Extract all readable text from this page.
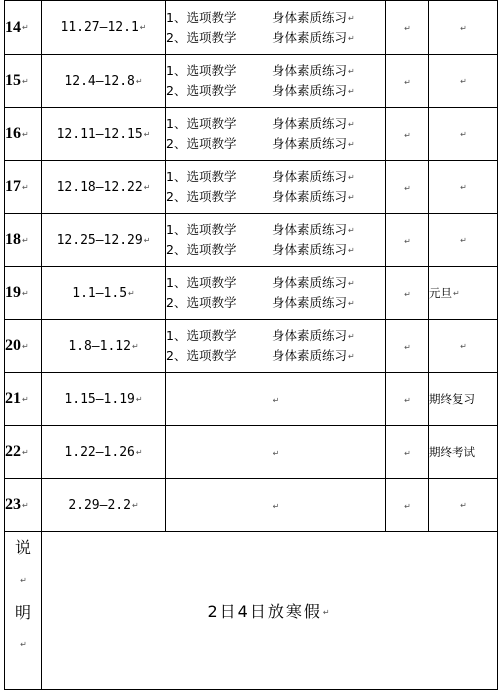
14↵	11.27—12.1↵	1、选项教学 身体素质练习↵
2、选项教学 身体素质练习↵	↵	↵
15↵	12.4—12.8↵	1、选项教学 身体素质练习↵
2、选项教学 身体素质练习↵	↵	↵
16↵	12.11—12.15↵	1、选项教学 身体素质练习↵
2、选项教学 身体素质练习↵	↵	↵
17↵	12.18—12.22↵	1、选项教学 身体素质练习↵
2、选项教学 身体素质练习↵	↵	↵
18↵	12.25—12.29↵	1、选项教学 身体素质练习↵
2、选项教学 身体素质练习↵	↵	↵
19↵	1.1—1.5↵	1、选项教学 身体素质练习↵
2、选项教学 身体素质练习↵	↵	元旦↵
20↵	1.8—1.12↵	1、选项教学 身体素质练习↵
2、选项教学 身体素质练习↵	↵	↵
21↵	1.15—1.19↵	↵	↵	期终复习
22↵	1.22—1.26↵	↵	↵	期终考试
23↵	2.29—2.2↵	↵	↵	↵

说
↵
明
↵	2日4日放寒假↵			
